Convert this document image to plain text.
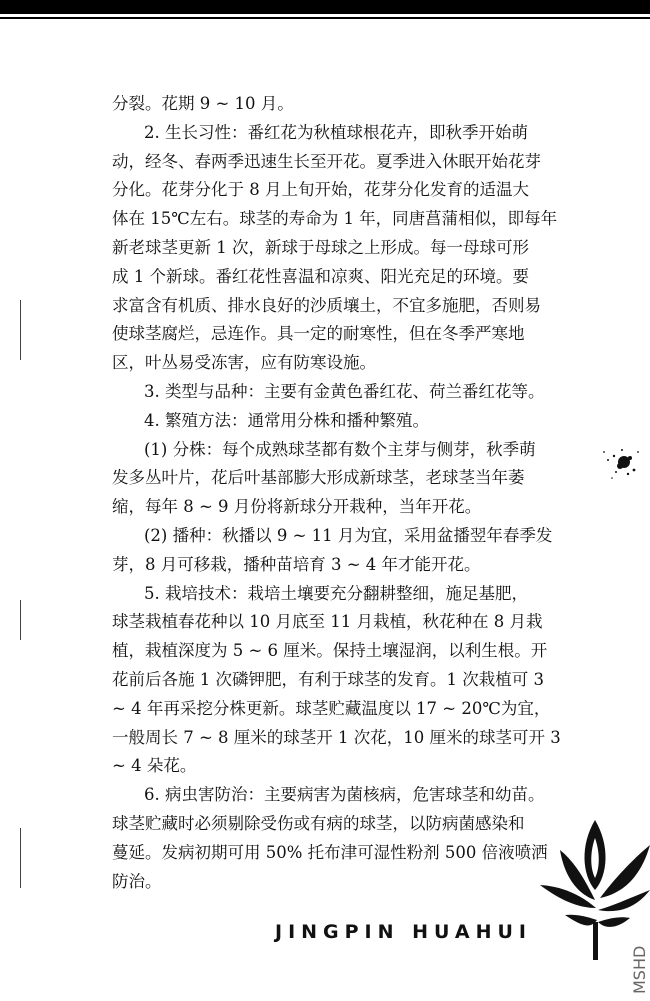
分裂。花期 9 ~ 10 月。
2. 生长习性：番红花为秋植球根花卉，即秋季开始萌
动，经冬、春两季迅速生长至开花。夏季进入休眠开始花芽
分化。花芽分化于 8 月上旬开始，花芽分化发育的适温大
体在 15℃左右。球茎的寿命为 1 年，同唐菖蒲相似，即每年
新老球茎更新 1 次，新球于母球之上形成。每一母球可形
成 1 个新球。番红花性喜温和凉爽、阳光充足的环境。要
求富含有机质、排水良好的沙质壤土，不宜多施肥，否则易
使球茎腐烂，忌连作。具一定的耐寒性，但在冬季严寒地
区，叶丛易受冻害，应有防寒设施。
3. 类型与品种：主要有金黄色番红花、荷兰番红花等。
4. 繁殖方法：通常用分株和播种繁殖。
(1) 分株：每个成熟球茎都有数个主芽与侧芽，秋季萌
发多丛叶片，花后叶基部膨大形成新球茎，老球茎当年萎
缩，每年 8 ~ 9 月份将新球分开栽种，当年开花。
(2) 播种：秋播以 9 ~ 11 月为宜，采用盆播翌年春季发
芽，8 月可移栽，播种苗培育 3 ~ 4 年才能开花。
5. 栽培技术：栽培土壤要充分翻耕整细，施足基肥，
球茎栽植春花种以 10 月底至 11 月栽植，秋花种在 8 月栽
植，栽植深度为 5 ~ 6 厘米。保持土壤湿润，以利生根。开
花前后各施 1 次磷钾肥，有利于球茎的发育。1 次栽植可 3
~ 4 年再采挖分株更新。球茎贮藏温度以 17 ~ 20℃为宜，
一般周长 7 ~ 8 厘米的球茎开 1 次花，10 厘米的球茎可开 3
~ 4 朵花。
6. 病虫害防治：主要病害为菌核病，危害球茎和幼苗。
球茎贮藏时必须剔除受伤或有病的球茎，以防病菌感染和
蔓延。发病初期可用 50% 托布津可湿性粉剂 500 倍液喷洒
防治。
JINGPIN HUAHUI
MSHD
